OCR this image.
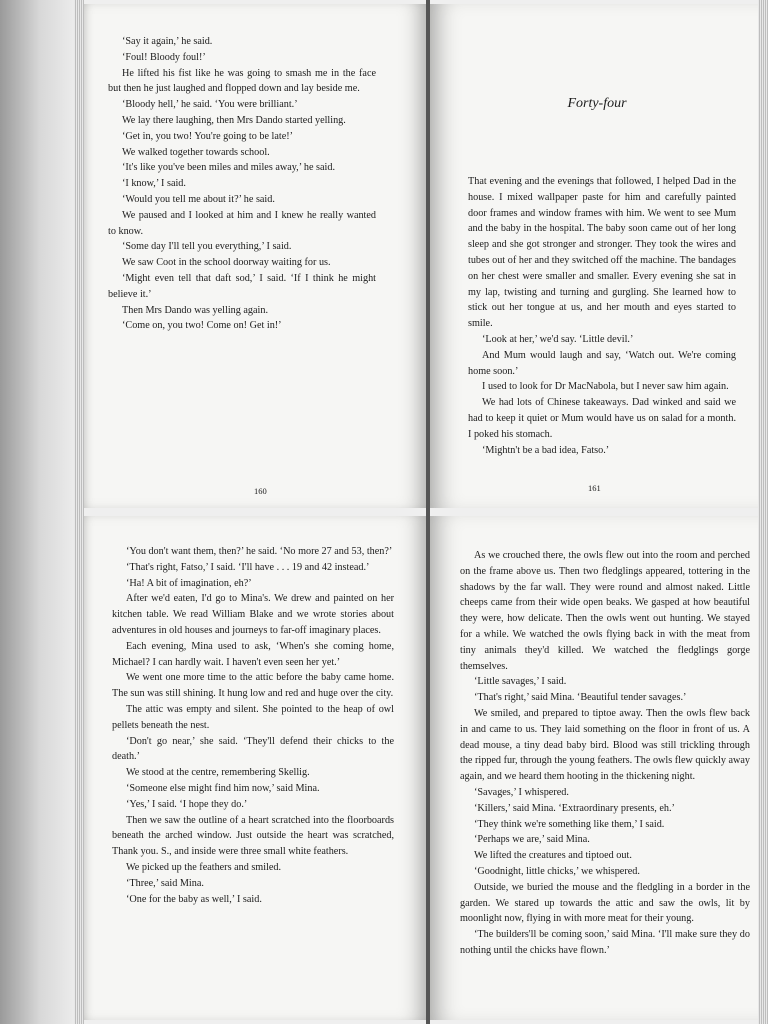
‘Say it again,’ he said.

‘Foul! Bloody foul!’

He lifted his fist like he was going to smash me in the face but then he just laughed and flopped down and lay beside me.

‘Bloody hell,’ he said. ‘You were brilliant.’

We lay there laughing, then Mrs Dando started yelling.

‘Get in, you two! You're going to be late!’

We walked together towards school.

‘It's like you've been miles and miles away,’ he said.

‘I know,’ I said.

‘Would you tell me about it?’ he said.

We paused and I looked at him and I knew he really wanted to know.

‘Some day I'll tell you everything,’ I said.

We saw Coot in the school doorway waiting for us.

‘Might even tell that daft sod,’ I said. ‘If I think he might believe it.’

Then Mrs Dando was yelling again.

‘Come on, you two! Come on! Get in!’

160
Forty-four

That evening and the evenings that followed, I helped Dad in the house. I mixed wallpaper paste for him and carefully painted door frames and window frames with him. We went to see Mum and the baby in the hospital. The baby soon came out of her long sleep and she got stronger and stronger. They took the wires and tubes out of her and they switched off the machine. The bandages on her chest were smaller and smaller. Every evening she sat in my lap, twisting and turning and gurgling. She learned how to stick out her tongue at us, and her mouth and eyes started to smile.

‘Look at her,’ we'd say. ‘Little devil.’

And Mum would laugh and say, ‘Watch out. We're coming home soon.’

I used to look for Dr MacNabola, but I never saw him again.

We had lots of Chinese takeaways. Dad winked and said we had to keep it quiet or Mum would have us on salad for a month. I poked his stomach.

‘Mightn't be a bad idea, Fatso.’

161

‘You don't want them, then?’ he said. ‘No more 27 and 53, then?’

‘That's right, Fatso,’ I said. ‘I'll have . . . 19 and 42 instead.’

‘Ha! A bit of imagination, eh?’

After we'd eaten, I'd go to Mina's. We drew and painted on her kitchen table. We read William Blake and we wrote stories about adventures in old houses and journeys to far-off imaginary places.

Each evening, Mina used to ask, ‘When's she coming home, Michael? I can hardly wait. I haven't even seen her yet.’

We went one more time to the attic before the baby came home. The sun was still shining. It hung low and red and huge over the city.

The attic was empty and silent. She pointed to the heap of owl pellets beneath the nest.

‘Don't go near,’ she said. ‘They'll defend their chicks to the death.’

We stood at the centre, remembering Skellig.

‘Someone else might find him now,’ said Mina.

‘Yes,’ I said. ‘I hope they do.’

Then we saw the outline of a heart scratched into the floorboards beneath the arched window. Just outside the heart was scratched, Thank you. S., and inside were three small white feathers.

We picked up the feathers and smiled.

‘Three,’ said Mina.

‘One for the baby as well,’ I said.

As we crouched there, the owls flew out into the room and perched on the frame above us. Then two fledglings appeared, tottering in the shadows by the far wall. They were round and almost naked. Little cheeps came from their wide open beaks. We gasped at how beautiful they were, how delicate. Then the owls went out hunting. We stayed for a while. We watched the owls flying back in with the meat from tiny animals they'd killed. We watched the fledglings gorge themselves.

‘Little savages,’ I said.

‘That's right,’ said Mina. ‘Beautiful tender savages.’

We smiled, and prepared to tiptoe away. Then the owls flew back in and came to us. They laid something on the floor in front of us. A dead mouse, a tiny dead baby bird. Blood was still trickling through the ripped fur, through the young feathers. The owls flew quickly away again, and we heard them hooting in the thickening night.

‘Savages,’ I whispered.

‘Killers,’ said Mina. ‘Extraordinary presents, eh.’

‘They think we're something like them,’ I said.

‘Perhaps we are,’ said Mina.

We lifted the creatures and tiptoed out.

‘Goodnight, little chicks,’ we whispered.

Outside, we buried the mouse and the fledgling in a border in the garden. We stared up towards the attic and saw the owls, lit by moonlight now, flying in with more meat for their young.

‘The builders'll be coming soon,’ said Mina. ‘I'll make sure they do nothing until the chicks have flown.’
